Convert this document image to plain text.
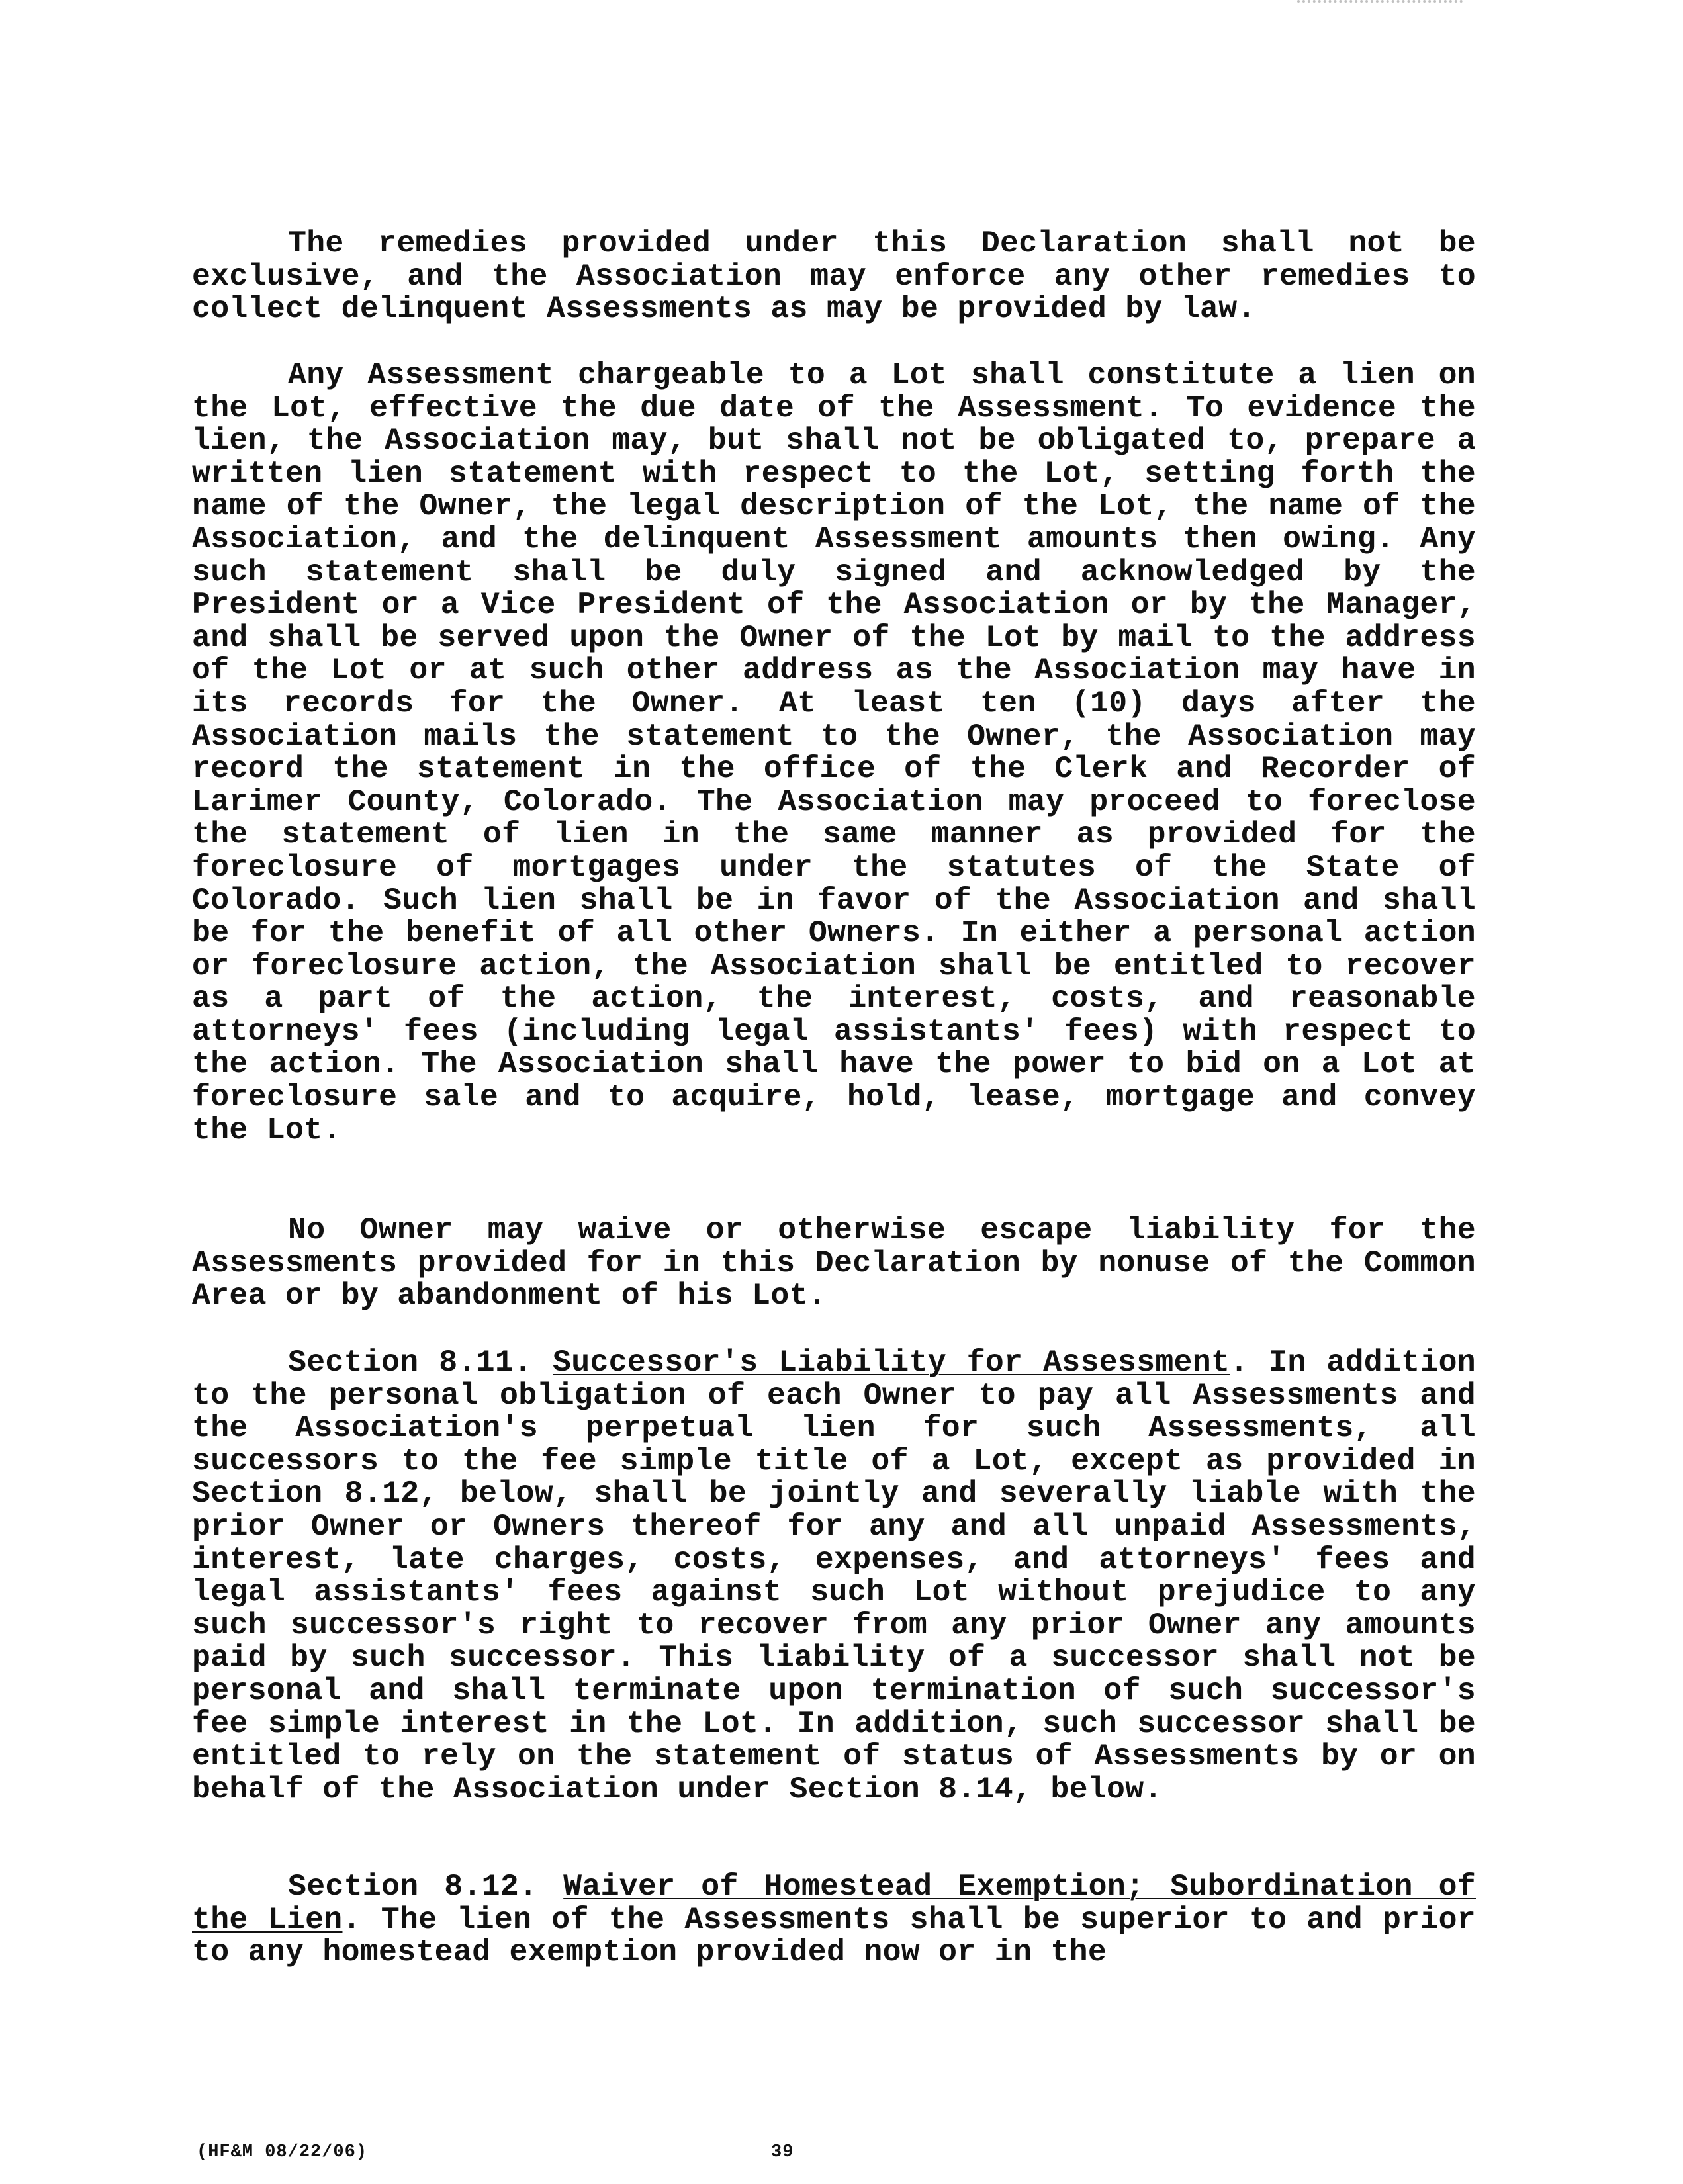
The remedies provided under this Declaration shall not be exclusive, and the Association may enforce any other remedies to collect delinquent Assessments as may be provided by law.

Any Assessment chargeable to a Lot shall constitute a lien on the Lot, effective the due date of the Assessment. To evidence the lien, the Association may, but shall not be obligated to, prepare a written lien statement with respect to the Lot, setting forth the name of the Owner, the legal description of the Lot, the name of the Association, and the delinquent Assessment amounts then owing. Any such statement shall be duly signed and acknowledged by the President or a Vice President of the Association or by the Manager, and shall be served upon the Owner of the Lot by mail to the address of the Lot or at such other address as the Association may have in its records for the Owner. At least ten (10) days after the Association mails the statement to the Owner, the Association may record the statement in the office of the Clerk and Recorder of Larimer County, Colorado. The Association may proceed to foreclose the statement of lien in the same manner as provided for the foreclosure of mortgages under the statutes of the State of Colorado. Such lien shall be in favor of the Association and shall be for the benefit of all other Owners. In either a personal action or foreclosure action, the Association shall be entitled to recover as a part of the action, the interest, costs, and reasonable attorneys' fees (including legal assistants' fees) with respect to the action. The Association shall have the power to bid on a Lot at foreclosure sale and to acquire, hold, lease, mortgage and convey the Lot.

No Owner may waive or otherwise escape liability for the Assessments provided for in this Declaration by nonuse of the Common Area or by abandonment of his Lot.

Section 8.11. Successor's Liability for Assessment. In addition to the personal obligation of each Owner to pay all Assessments and the Association's perpetual lien for such Assessments, all successors to the fee simple title of a Lot, except as provided in Section 8.12, below, shall be jointly and severally liable with the prior Owner or Owners thereof for any and all unpaid Assessments, interest, late charges, costs, expenses, and attorneys' fees and legal assistants' fees against such Lot without prejudice to any such successor's right to recover from any prior Owner any amounts paid by such successor. This liability of a successor shall not be personal and shall terminate upon termination of such successor's fee simple interest in the Lot. In addition, such successor shall be entitled to rely on the statement of status of Assessments by or on behalf of the Association under Section 8.14, below.

Section 8.12. Waiver of Homestead Exemption; Subordination of the Lien. The lien of the Assessments shall be superior to and prior to any homestead exemption provided now or in the

(HF&M 08/22/06)	39
